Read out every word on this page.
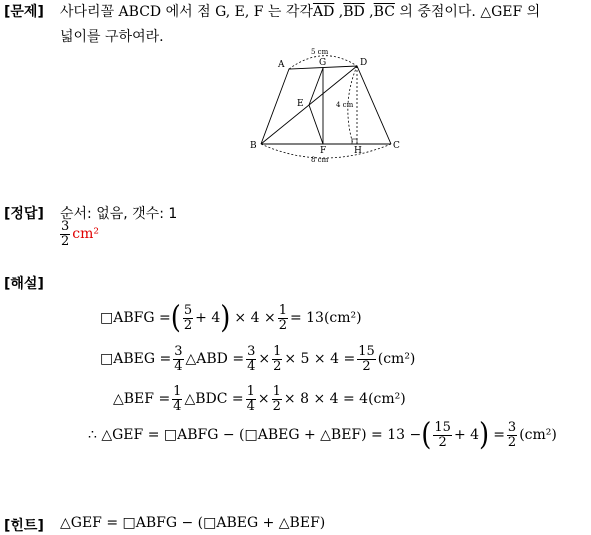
[문제] 사다리꼴 ABCD 에서 점 G, E, F 는 각각$\overline{AD}$ $,\overline{BD}$ $,\overline{BC}$ 의 중점이다. △GEF 의
넓이를 구하여라.
A	G	D
E
B	F	H	C
5 cm
4 cm
8 cm
[정답] 순서: 없음, 갯수: 1
$\frac{3}{2} cm^2$
[해설]
□ABFG = ( $\frac{5}{2} + 4$ ) × $4 \times \frac{1}{2} = 13(cm^2)$
□ABEG = $\frac{3}{4}$ △ABD = $\frac{3}{4} \times \frac{1}{2} \times 5 \times 4 = \frac{15}{2} (cm^2)$
△BEF = $\frac{1}{4}$ △BDC = $\frac{1}{4} \times \frac{1}{2} \times 8 \times 4 = 4(cm^2)$
∴ △GEF = □ABFG − (□ABEG + △BEF) = 13 − ( $\frac{15}{2} + 4$ ) = $\frac{3}{2} (cm^2)$
[힌트] △GEF = □ABFG − (□ABEG + △BEF)
